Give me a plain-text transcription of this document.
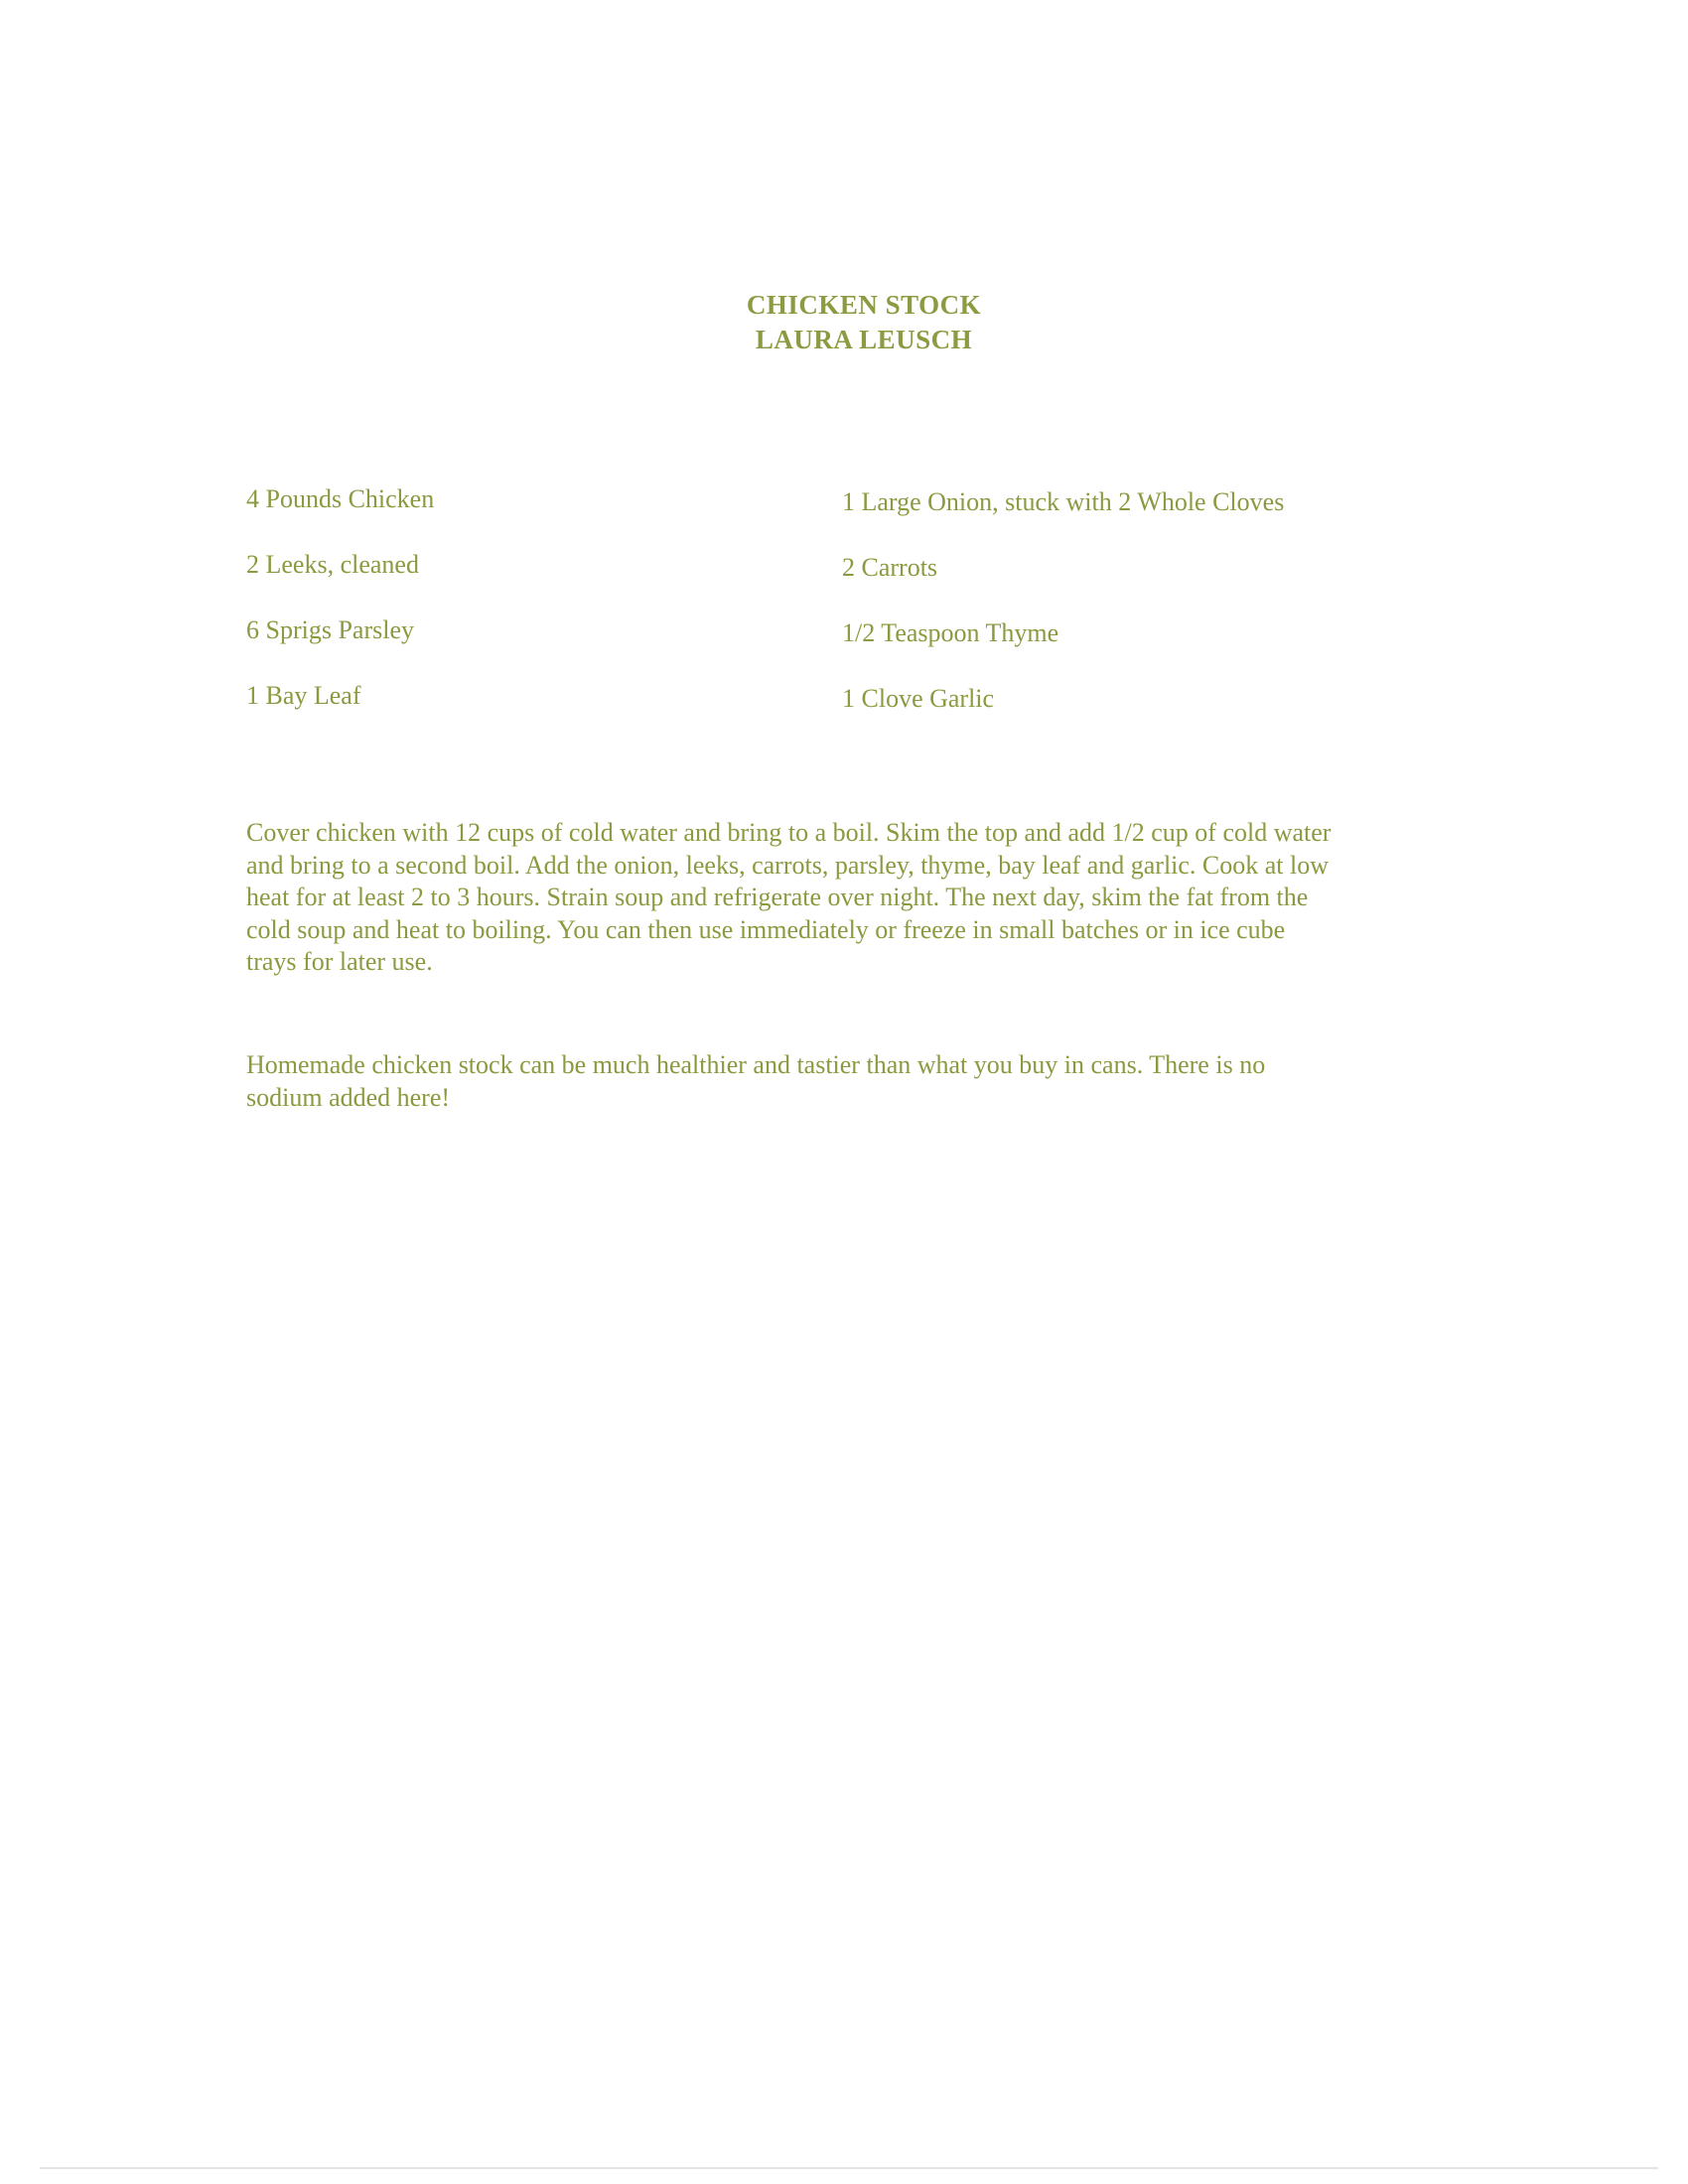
CHICKEN STOCK
LAURA LEUSCH
4 Pounds Chicken
2 Leeks, cleaned
6 Sprigs Parsley
1 Bay Leaf
1 Large Onion, stuck with 2 Whole Cloves
2 Carrots
1/2 Teaspoon Thyme
1 Clove Garlic
Cover chicken with 12 cups of cold water and bring to a boil. Skim the top and add 1/2 cup of cold water
and bring to a second boil. Add the onion, leeks, carrots, parsley, thyme, bay leaf and garlic. Cook at low
heat for at least 2 to 3 hours. Strain soup and refrigerate over night. The next day, skim the fat from the
cold soup and heat to boiling. You can then use immediately or freeze in small batches or in ice cube
trays for later use.
Homemade chicken stock can be much healthier and tastier than what you buy in cans. There is no
sodium added here!
